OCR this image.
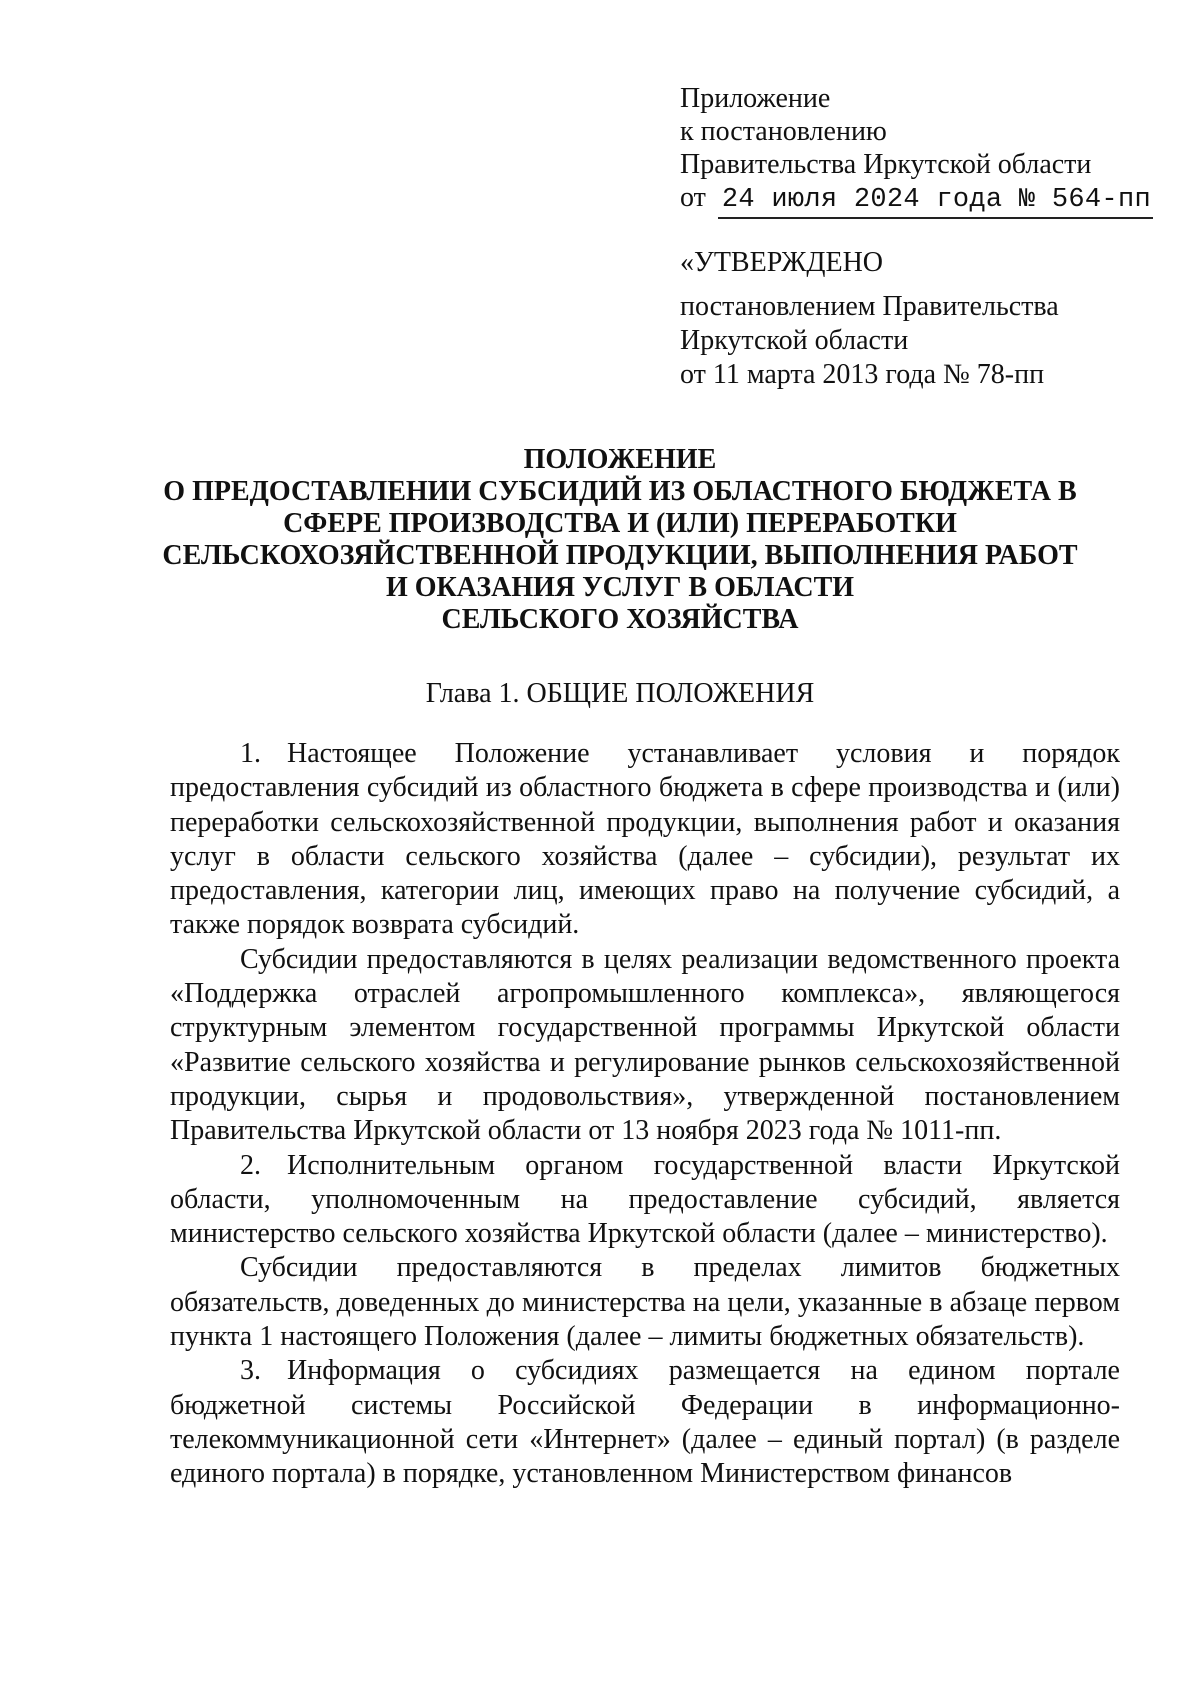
Приложение
к постановлению
Правительства Иркутской области
от 24 июля 2024 года № 564-пп
«УТВЕРЖДЕНО
постановлением Правительства
Иркутской области
от 11 марта 2013 года № 78-пп
ПОЛОЖЕНИЕ
О ПРЕДОСТАВЛЕНИИ СУБСИДИЙ ИЗ ОБЛАСТНОГО БЮДЖЕТА В
СФЕРЕ ПРОИЗВОДСТВА И (ИЛИ) ПЕРЕРАБОТКИ
СЕЛЬСКОХОЗЯЙСТВЕННОЙ ПРОДУКЦИИ, ВЫПОЛНЕНИЯ РАБОТ
И ОКАЗАНИЯ УСЛУГ В ОБЛАСТИ
СЕЛЬСКОГО ХОЗЯЙСТВА
Глава 1. ОБЩИЕ ПОЛОЖЕНИЯ

1. Настоящее Положение устанавливает условия и порядок предоставления субсидий из областного бюджета в сфере производства и (или) переработки сельскохозяйственной продукции, выполнения работ и оказания услуг в области сельского хозяйства (далее – субсидии), результат их предоставления, категории лиц, имеющих право на получение субсидий, а также порядок возврата субсидий.

Субсидии предоставляются в целях реализации ведомственного проекта «Поддержка отраслей агропромышленного комплекса», являющегося структурным элементом государственной программы Иркутской области «Развитие сельского хозяйства и регулирование рынков сельскохозяйственной продукции, сырья и продовольствия», утвержденной постановлением Правительства Иркутской области от 13 ноября 2023 года № 1011-пп.

2. Исполнительным органом государственной власти Иркутской области, уполномоченным на предоставление субсидий, является министерство сельского хозяйства Иркутской области (далее – министерство).

Субсидии предоставляются в пределах лимитов бюджетных обязательств, доведенных до министерства на цели, указанные в абзаце первом пункта 1 настоящего Положения (далее – лимиты бюджетных обязательств).

3. Информация о субсидиях размещается на едином портале бюджетной системы Российской Федерации в информационно-телекоммуникационной сети «Интернет» (далее – единый портал) (в разделе единого портала) в порядке, установленном Министерством финансов
